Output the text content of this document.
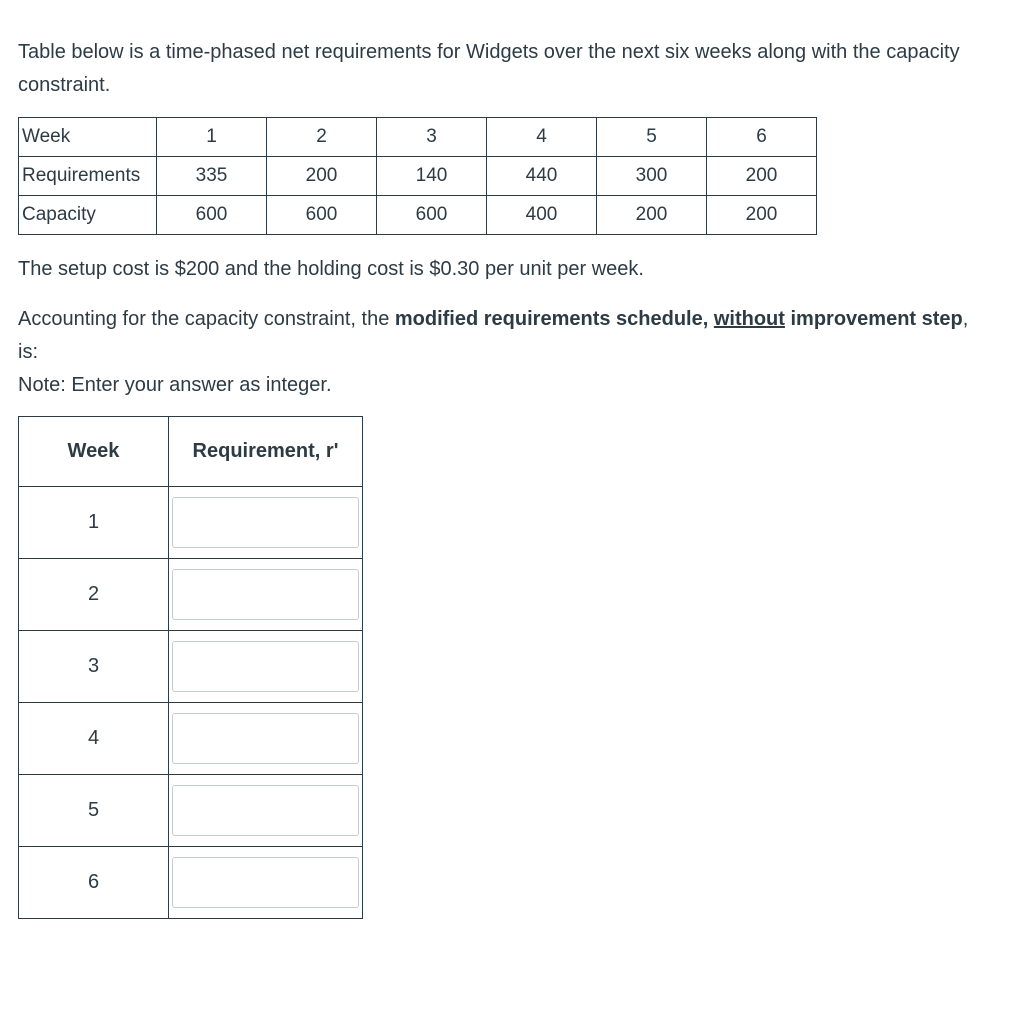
Table below is a time-phased net requirements for Widgets over the next six weeks along with the capacity constraint.

Week	1	2	3	4	5	6
Requirements	335	200	140	440	300	200
Capacity	600	600	600	400	200	200

The setup cost is $200 and the holding cost is $0.30 per unit per week.

Accounting for the capacity constraint, the modified requirements schedule, without improvement step, is:
Note: Enter your answer as integer.
Week	Requirement, r'
1	

2	

3	

4	

5	

6	
